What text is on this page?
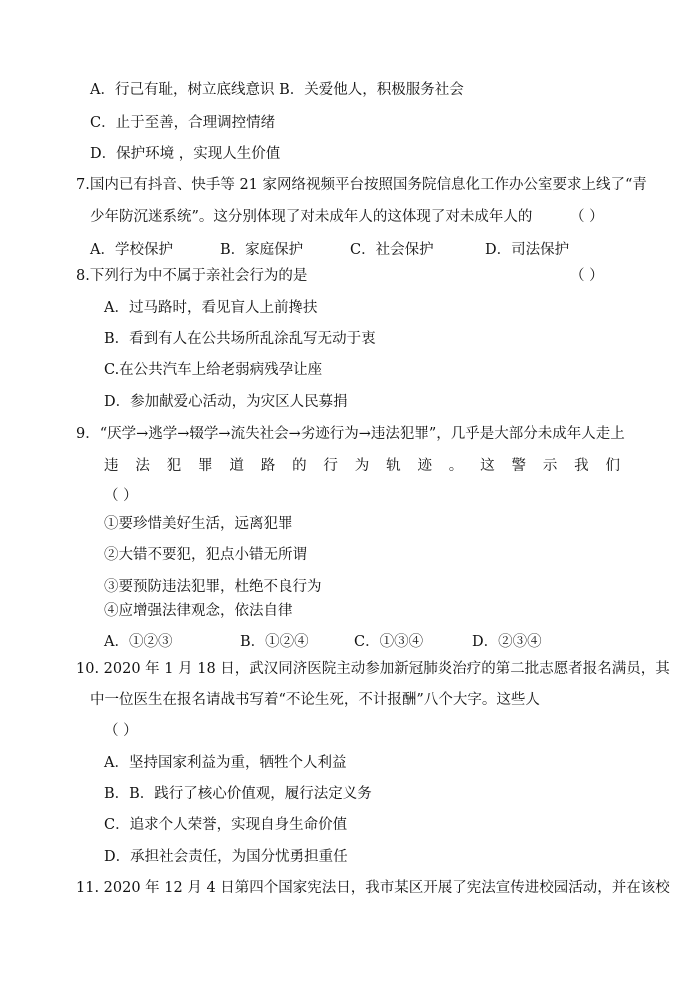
A．行己有耻，树立底线意识 B．关爱他人，积极服务社会
C．止于至善，合理调控情绪
D．保护环境 ，实现人生价值
7.国内已有抖音、快手等 21 家网络视频平台按照国务院信息化工作办公室要求上线了“青
少年防沉迷系统”。这分别体现了对未成年人的这体现了对未成年人的	（ ）
A．学校保护	B．家庭保护	C．社会保护	D．司法保护
8.下列行为中不属于亲社会行为的是	（ ）
A．过马路时，看见盲人上前搀扶
B．看到有人在公共场所乱涂乱写无动于衷
C.在公共汽车上给老弱病残孕让座
D．参加献爱心活动，为灾区人民募捐
9．“厌学→逃学→辍学→流失社会→劣迹行为→违法犯罪”，几乎是大部分未成年人走上
违 法 犯 罪 道 路 的 行 为 轨 迹 。 这 警 示 我 们
（ ）
①要珍惜美好生活，远离犯罪
②大错不要犯，犯点小错无所谓
③要预防违法犯罪，杜绝不良行为
④应增强法律观念，依法自律
A．①②③	B．①②④	C．①③④	D．②③④
10. 2020 年 1 月 18 日，武汉同济医院主动参加新冠肺炎治疗的第二批志愿者报名满员，其
中一位医生在报名请战书写着“不论生死，不计报酬”八个大字。这些人
（ ）
A．坚持国家利益为重，牺牲个人利益
B．B．践行了核心价值观，履行法定义务
C．追求个人荣誉，实现自身生命价值
D．承担社会责任，为国分忧勇担重任
11. 2020 年 12 月 4 日第四个国家宪法日，我市某区开展了宪法宣传进校园活动，并在该校
